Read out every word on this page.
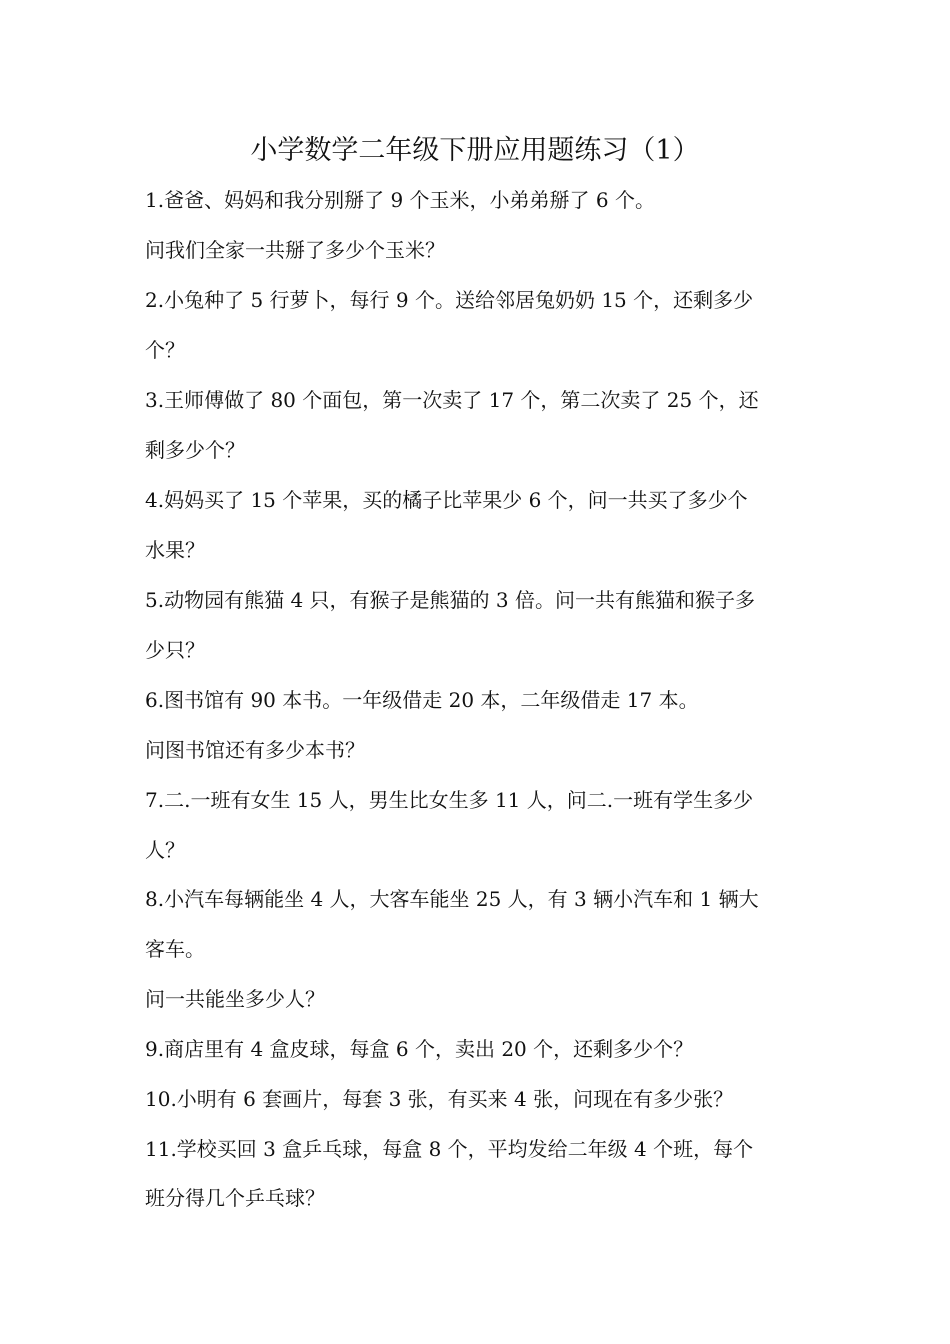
小学数学二年级下册应用题练习（1）
1.爸爸、妈妈和我分别掰了 9 个玉米，小弟弟掰了 6 个。
问我们全家一共掰了多少个玉米？
2.小兔种了 5 行萝卜，每行 9 个。送给邻居兔奶奶 15 个，还剩多少
个？
3.王师傅做了 80 个面包，第一次卖了 17 个，第二次卖了 25 个，还
剩多少个？
4.妈妈买了 15 个苹果，买的橘子比苹果少 6 个，问一共买了多少个
水果？
5.动物园有熊猫 4 只，有猴子是熊猫的 3 倍。问一共有熊猫和猴子多
少只？
6.图书馆有 90 本书。一年级借走 20 本，二年级借走 17 本。
问图书馆还有多少本书？
7.二.一班有女生 15 人，男生比女生多 11 人，问二.一班有学生多少
人？
8.小汽车每辆能坐 4 人，大客车能坐 25 人，有 3 辆小汽车和 1 辆大
客车。
问一共能坐多少人？
9.商店里有 4 盒皮球，每盒 6 个，卖出 20 个，还剩多少个？
10.小明有 6 套画片，每套 3 张，有买来 4 张，问现在有多少张？
11.学校买回 3 盒乒乓球，每盒 8 个，平均发给二年级 4 个班，每个
班分得几个乒乓球？
